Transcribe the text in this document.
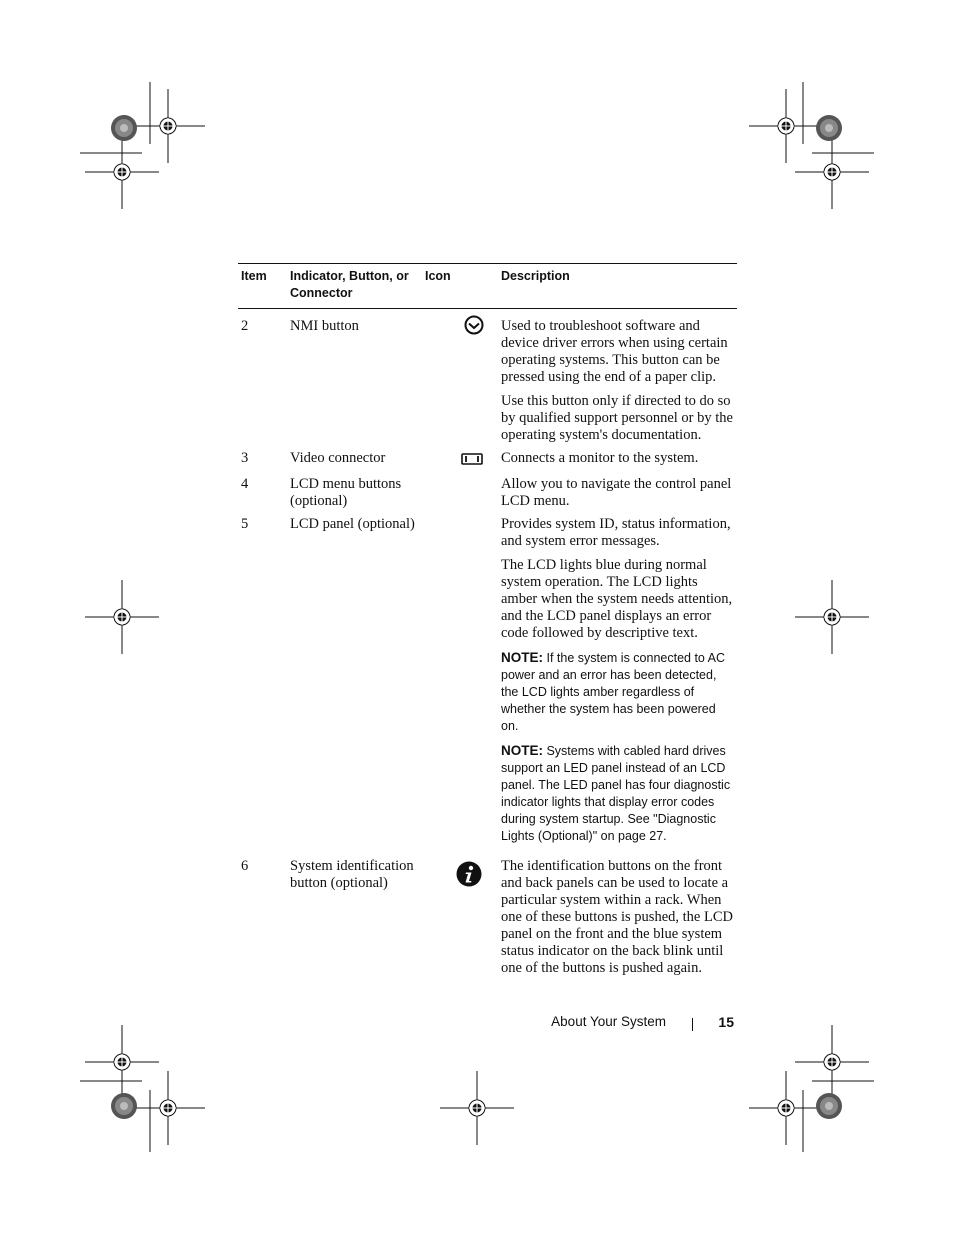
Item	Indicator, Button, or Connector	Icon	Description
2	NMI button		Used to troubleshoot software and device driver errors when using certain operating systems. This button can be pressed using the end of a paper clip.

Use this button only if directed to do so by qualified support personnel or by the operating system's documentation.

3	Video connector		Connects a monitor to the system.

4	LCD menu buttons (optional)		Allow you to navigate the control panel LCD menu.

5	LCD panel (optional)		Provides system ID, status information, and system error messages.

The LCD lights blue during normal system operation. The LCD lights amber when the system needs attention, and the LCD panel displays an error code followed by descriptive text.

NOTE: If the system is connected to AC power and an error has been detected, the LCD lights amber regardless of whether the system has been powered on.

NOTE: Systems with cabled hard drives support an LED panel instead of an LCD panel. The LED panel has four diagnostic indicator lights that display error codes during system startup. See "Diagnostic Lights (Optional)" on page 27.

6	System identification button (optional)		The identification buttons on the front and back panels can be used to locate a particular system within a rack. When one of these buttons is pushed, the LCD panel on the front and the blue system status indicator on the back blink until one of the buttons is pushed again.

About Your System	15
